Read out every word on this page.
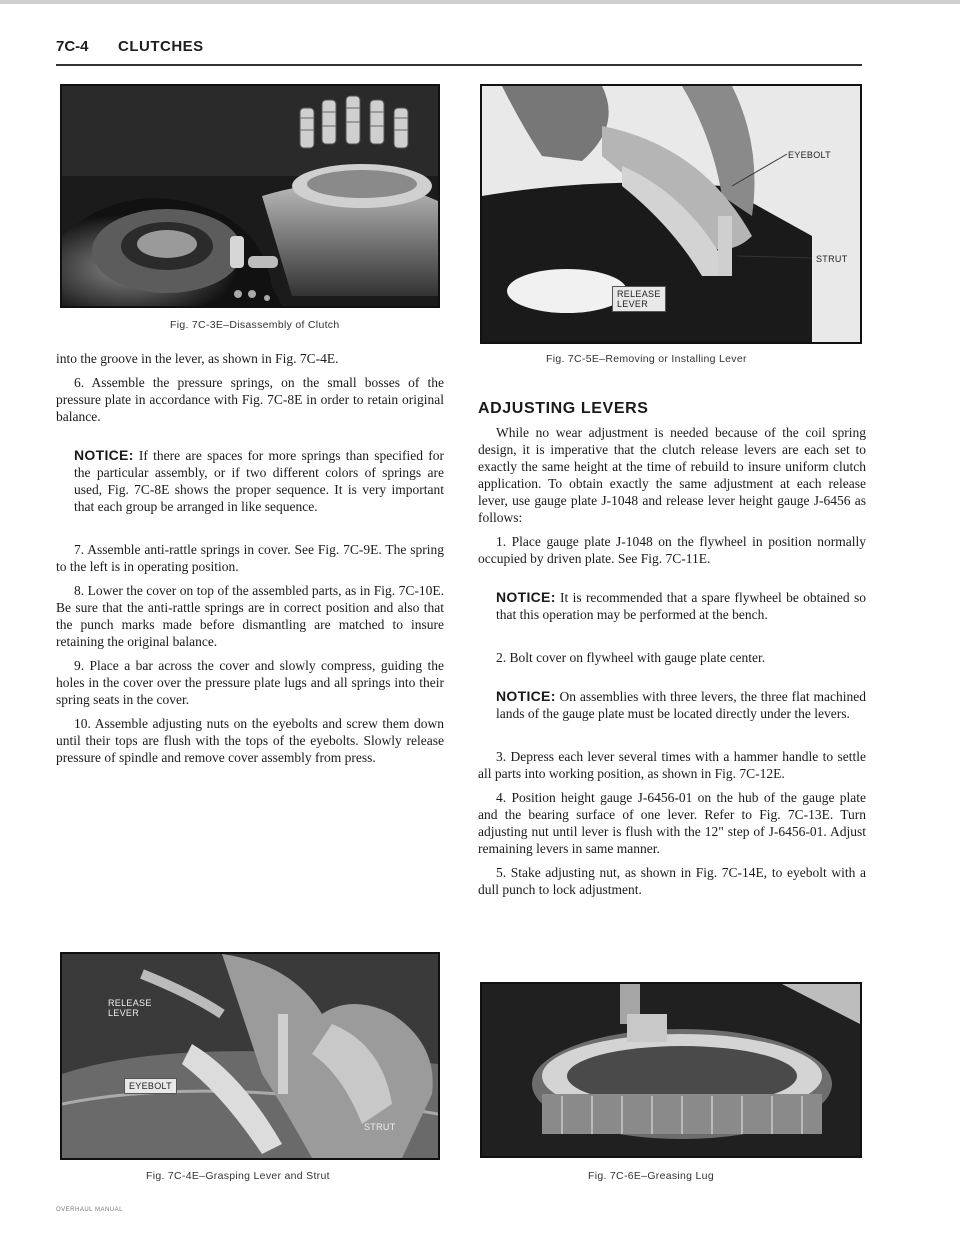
7C-4 CLUTCHES
Fig. 7C-3E–Disassembly of Clutch

into the groove in the lever, as shown in Fig. 7C-4E.

6. Assemble the pressure springs, on the small bosses of the pressure plate in accordance with Fig. 7C-8E in order to retain original balance.

NOTICE: If there are spaces for more springs than specified for the particular assembly, or if two different colors of springs are used, Fig. 7C-8E shows the proper sequence. It is very important that each group be arranged in like sequence.

7. Assemble anti-rattle springs in cover. See Fig. 7C-9E. The spring to the left is in operating position.

8. Lower the cover on top of the assembled parts, as in Fig. 7C-10E. Be sure that the anti-rattle springs are in correct position and also that the punch marks made before dismantling are matched to insure retaining the original balance.

9. Place a bar across the cover and slowly compress, guiding the holes in the cover over the pressure plate lugs and all springs into their spring seats in the cover.

10. Assemble adjusting nuts on the eyebolts and screw them down until their tops are flush with the tops of the eyebolts. Slowly release pressure of spindle and remove cover assembly from press.

RELEASE
LEVER
EYEBOLT
STRUT
Fig. 7C-4E–Grasping Lever and Strut
EYEBOLT
STRUT
RELEASE
LEVER
Fig. 7C-5E–Removing or Installing Lever
ADJUSTING LEVERS

While no wear adjustment is needed because of the coil spring design, it is imperative that the clutch release levers are each set to exactly the same height at the time of rebuild to insure uniform clutch application. To obtain exactly the same adjustment at each release lever, use gauge plate J-1048 and release lever height gauge J-6456 as follows:

1. Place gauge plate J-1048 on the flywheel in position normally occupied by driven plate. See Fig. 7C-11E.

NOTICE: It is recommended that a spare flywheel be obtained so that this operation may be performed at the bench.

2. Bolt cover on flywheel with gauge plate center.

NOTICE: On assemblies with three levers, the three flat machined lands of the gauge plate must be located directly under the levers.

3. Depress each lever several times with a hammer handle to settle all parts into working position, as shown in Fig. 7C-12E.

4. Position height gauge J-6456-01 on the hub of the gauge plate and the bearing surface of one lever. Refer to Fig. 7C-13E. Turn adjusting nut until lever is flush with the 12" step of J-6456-01. Adjust remaining levers in same manner.

5. Stake adjusting nut, as shown in Fig. 7C-14E, to eyebolt with a dull punch to lock adjustment.

Fig. 7C-6E–Greasing Lug
OVERHAUL MANUAL
